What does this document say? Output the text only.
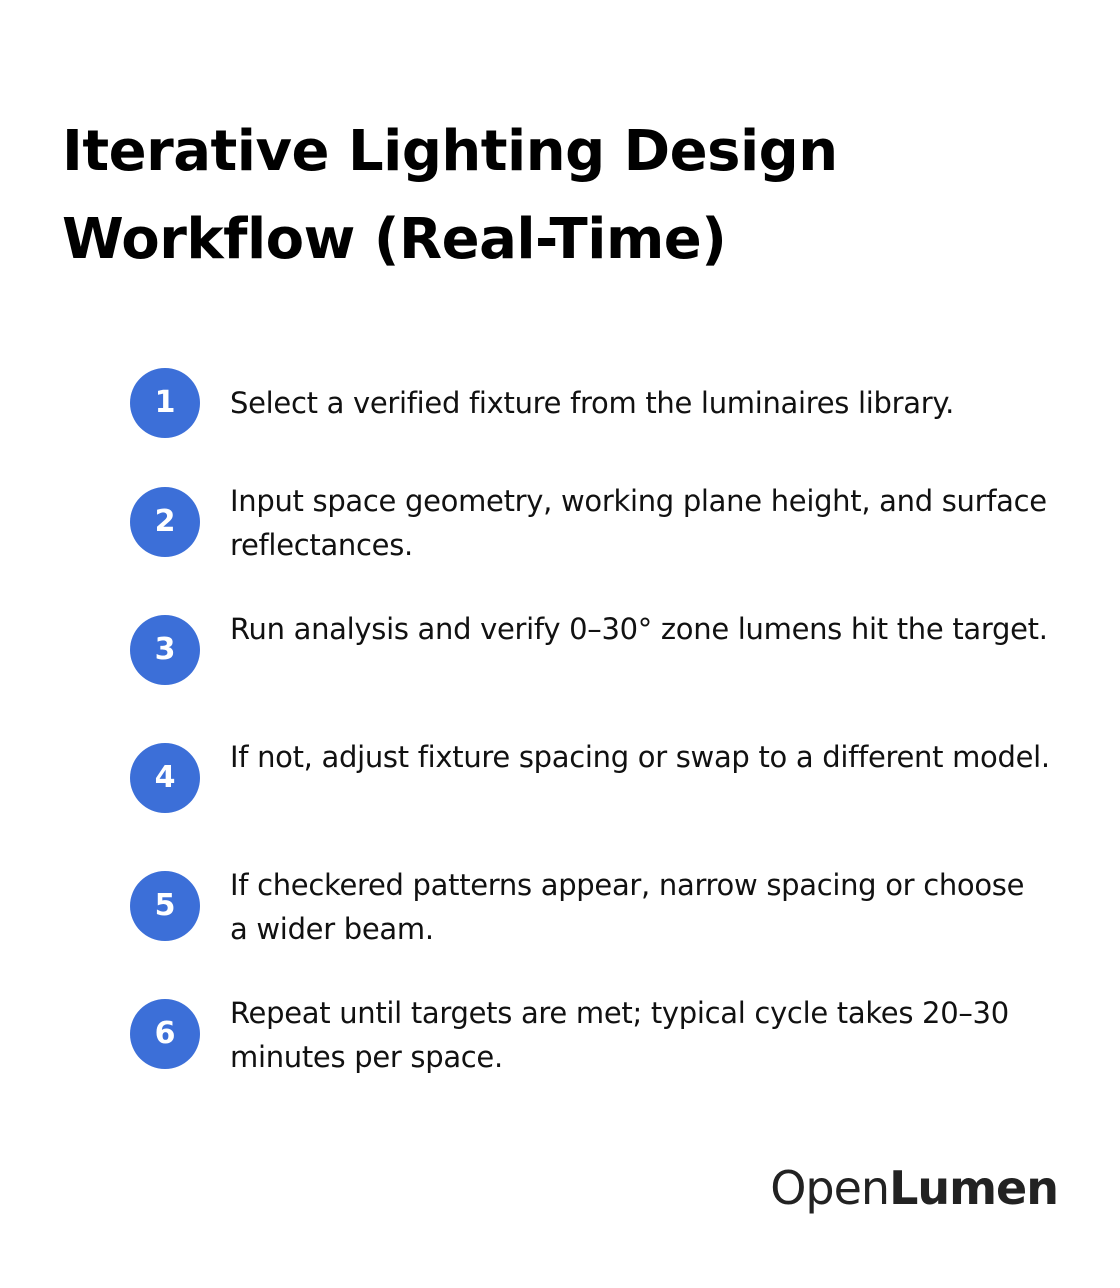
Iterative Lighting Design Workflow (Real-Time)
1	Select a verified fixture from the luminaires library.
2
Input space geometry, working plane height, and surface reflectances.
3
Run analysis and verify 0–30° zone lumens hit the target.
4
If not, adjust fixture spacing or swap to a different model.
5
If checkered patterns appear, narrow spacing or choose a wider beam.
6
Repeat until targets are met; typical cycle takes 20–30 minutes per space.
OpenLumen
